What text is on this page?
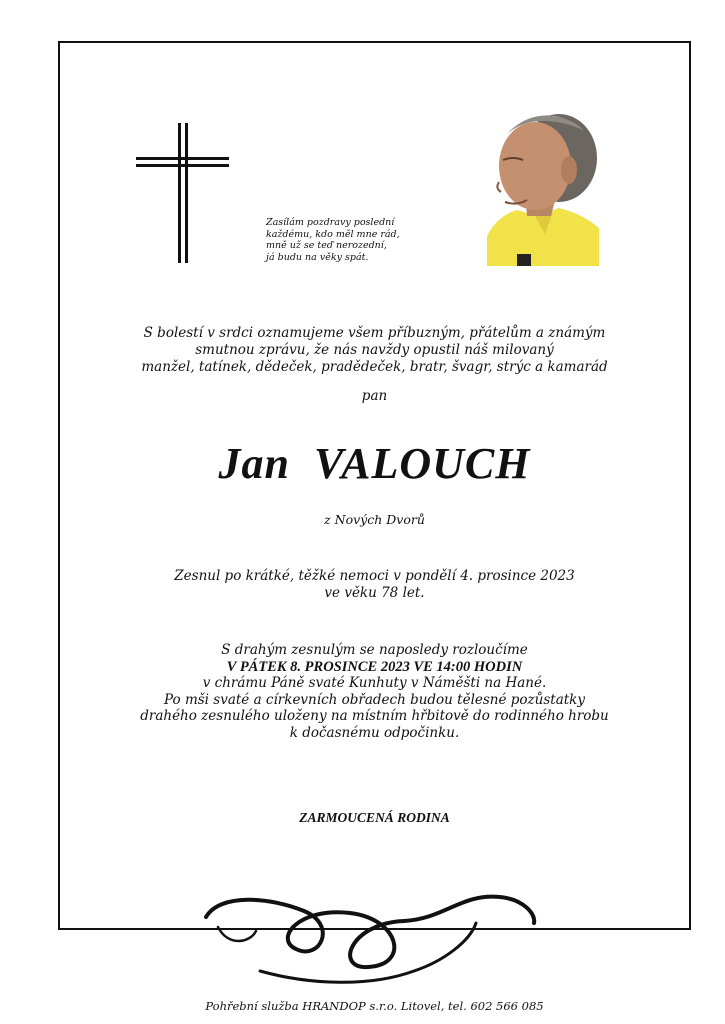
Zasílám pozdravy poslední
každému, kdo měl mne rád,
mně už se teď nerozední,
já budu na věky spát.
S bolestí v srdci oznamujeme všem příbuzným, přátelům a známým
smutnou zprávu, že nás navždy opustil náš milovaný
manžel, tatínek, dědeček, pradědeček, bratr, švagr, strýc a kamarád
pan
Jan VALOUCH
z Nových Dvorů
Zesnul po krátké, těžké nemoci v pondělí 4. prosince 2023
ve věku 78 let.
S drahým zesnulým se naposledy rozloučíme
V PÁTEK 8. PROSINCE 2023 VE 14:00 HODIN
v chrámu Páně svaté Kunhuty v Náměšti na Hané.
Po mši svaté a církevních obřadech budou tělesné pozůstatky
drahého zesnulého uloženy na místním hřbitově do rodinného hrobu
k dočasnému odpočinku.
ZARMOUCENÁ RODINA
Pohřební služba HRANDOP s.r.o. Litovel, tel. 602 566 085
